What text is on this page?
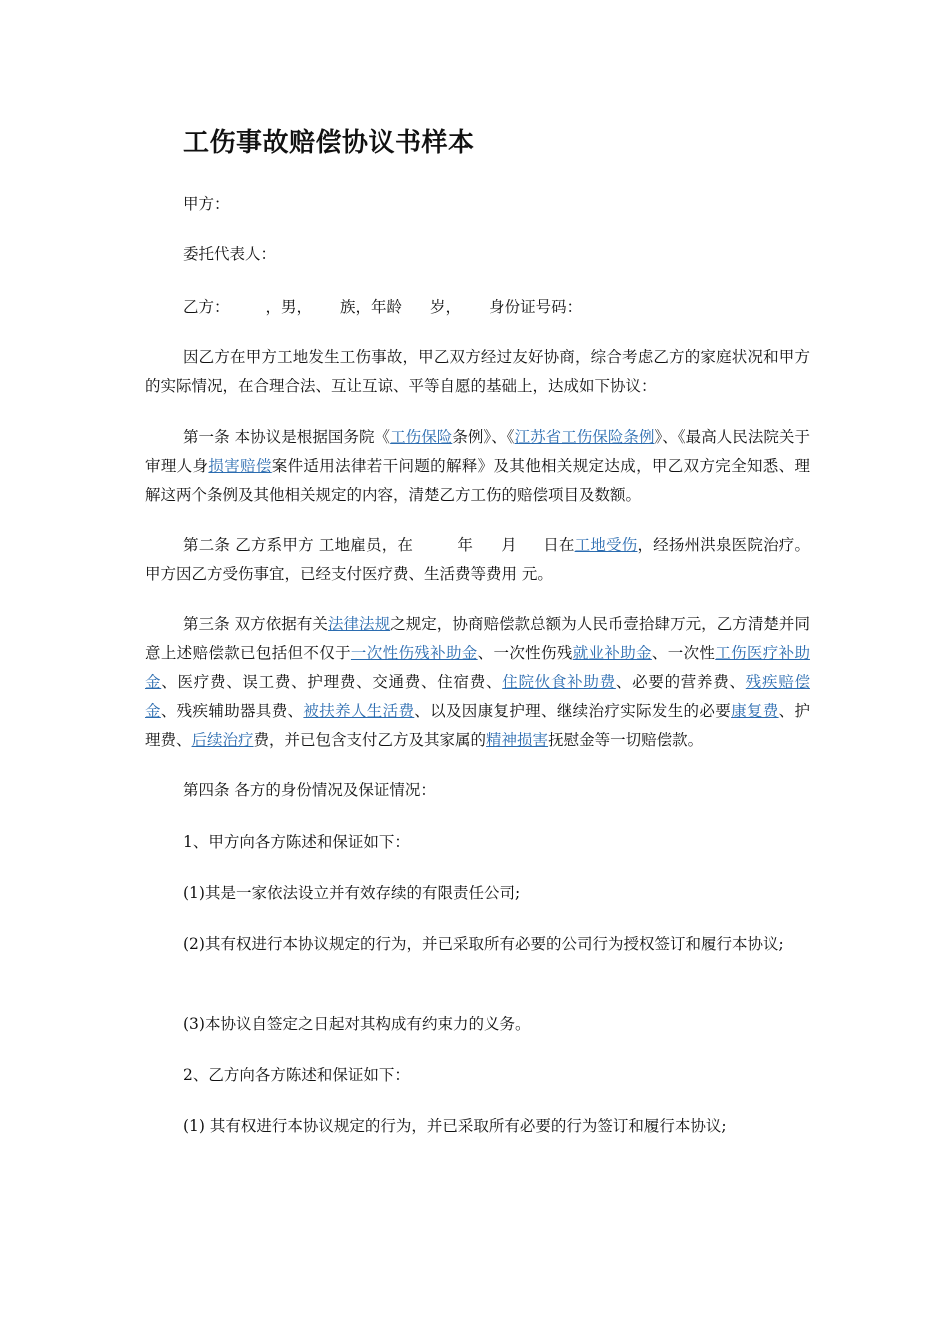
工伤事故赔偿协议书样本

甲方：

委托代表人：

乙方： ，男， 族，年龄 岁， 身份证号码：

因乙方在甲方工地发生工伤事故，甲乙双方经过友好协商，综合考虑乙方的家庭状况和甲方的实际情况，在合理合法、互让互谅、平等自愿的基础上，达成如下协议：

第一条 本协议是根据国务院《工伤保险条例》、《江苏省工伤保险条例》、《最高人民法院关于审理人身损害赔偿案件适用法律若干问题的解释》及其他相关规定达成，甲乙双方完全知悉、理解这两个条例及其他相关规定的内容，清楚乙方工伤的赔偿项目及数额。

第二条 乙方系甲方 工地雇员，在	年 月 日在工地受伤，经扬州洪泉医院治疗。甲方因乙方受伤事宜，已经支付医疗费、生活费等费用 元。

第三条 双方依据有关法律法规之规定，协商赔偿款总额为人民币壹拾肆万元，乙方清楚并同意上述赔偿款已包括但不仅于一次性伤残补助金、一次性伤残就业补助金、一次性工伤医疗补助金、医疗费、误工费、护理费、交通费、住宿费、住院伙食补助费、必要的营养费、残疾赔偿金、残疾辅助器具费、被扶养人生活费、以及因康复护理、继续治疗实际发生的必要康复费、护理费、后续治疗费，并已包含支付乙方及其家属的精神损害抚慰金等一切赔偿款。

第四条 各方的身份情况及保证情况：

1、甲方向各方陈述和保证如下：

(1)其是一家依法设立并有效存续的有限责任公司;

(2)其有权进行本协议规定的行为，并已采取所有必要的公司行为授权签订和履行本协议;

(3)本协议自签定之日起对其构成有约束力的义务。

2、乙方向各方陈述和保证如下：

(1) 其有权进行本协议规定的行为，并已采取所有必要的行为签订和履行本协议;
